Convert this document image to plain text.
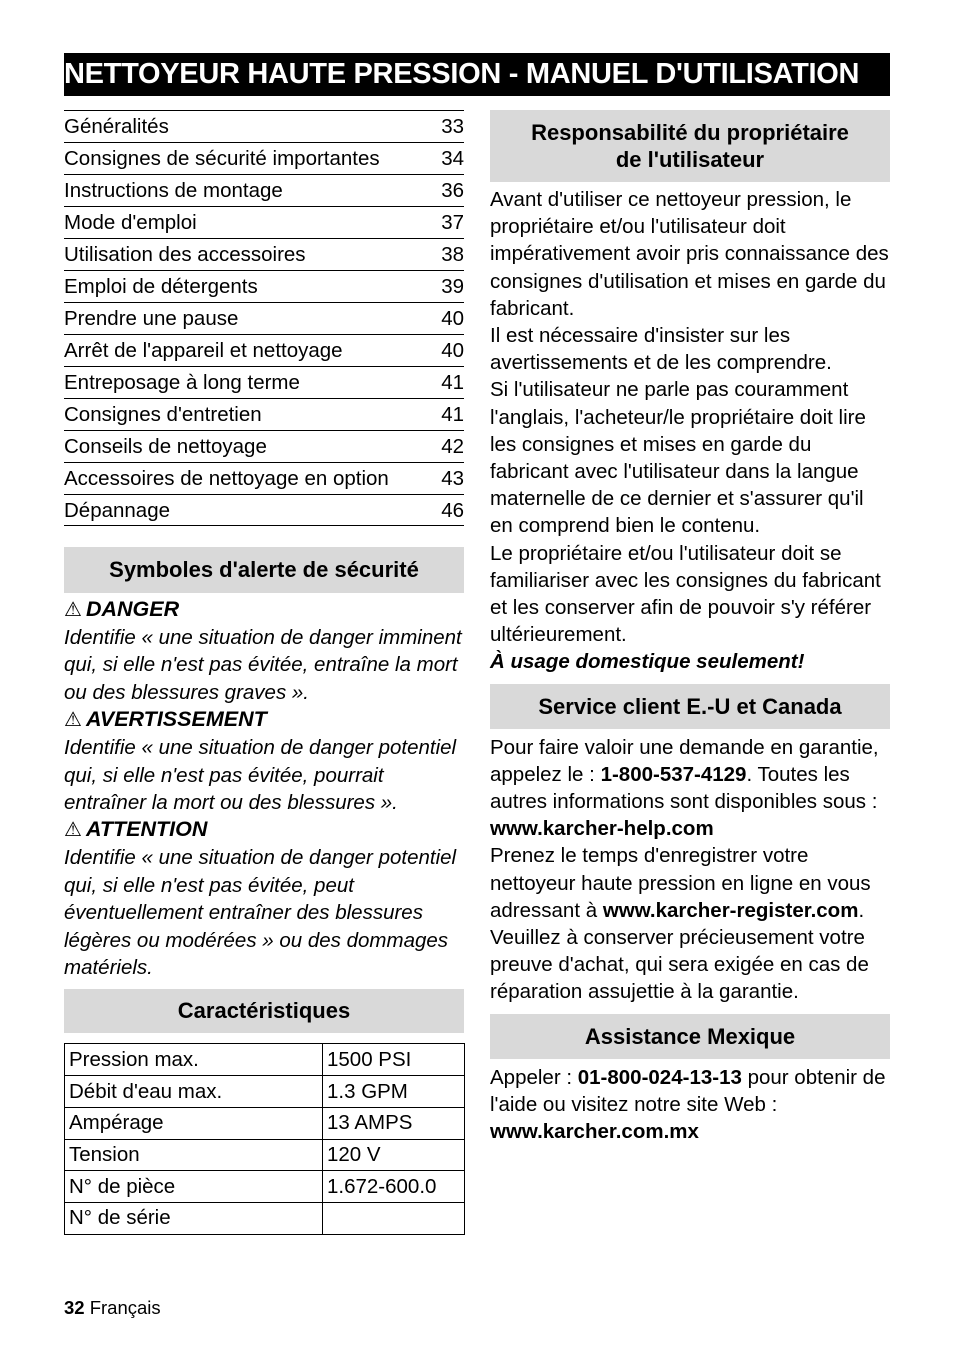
NETTOYEUR HAUTE PRESSION - MANUEL D'UTILISATION
Généralités	33
Consignes de sécurité importantes	34
Instructions de montage	36
Mode d'emploi	37
Utilisation des accessoires	38
Emploi de détergents	39
Prendre une pause	40
Arrêt de l'appareil et nettoyage	40
Entreposage à long terme	41
Consignes d'entretien	41
Conseils de nettoyage	42
Accessoires de nettoyage en option	43
Dépannage	46
Symboles d'alerte de sécurité
⚠ DANGER
Identifie « une situation de danger imminent qui, si elle n'est pas évitée, entraîne la mort ou des blessures graves ».
⚠ AVERTISSEMENT
Identifie « une situation de danger potentiel qui, si elle n'est pas évitée, pourrait entraîner la mort ou des blessures ».
⚠ ATTENTION
Identifie « une situation de danger potentiel qui, si elle n'est pas évitée, peut éventuellement entraîner des blessures légères ou modérées » ou des dommages matériels.
Caractéristiques
Pression max.	1500 PSI
Débit d'eau max.	1.3 GPM
Ampérage	13 AMPS
Tension	120 V
N° de pièce	1.672-600.0
N° de série	
Responsabilité du propriétaire
de l'utilisateur
Avant d'utiliser ce nettoyeur pression, le propriétaire et/ou l'utilisateur doit impérativement avoir pris connaissance des consignes d'utilisation et mises en garde du fabricant.
Il est nécessaire d'insister sur les avertissements et de les comprendre.
Si l'utilisateur ne parle pas couramment l'anglais, l'acheteur/le propriétaire doit lire les consignes et mises en garde du fabricant avec l'utilisateur dans la langue maternelle de ce dernier et s'assurer qu'il en comprend bien le contenu.
Le propriétaire et/ou l'utilisateur doit se familiariser avec les consignes du fabricant et les conserver afin de pouvoir s'y référer ultérieurement.
À usage domestique seulement!
Service client E.-U et Canada
Pour faire valoir une demande en garantie, appelez le : 1-800-537-4129. Toutes les autres informations sont disponibles sous : www.karcher-help.com
Prenez le temps d'enregistrer votre nettoyeur haute pression en ligne en vous adressant à www.karcher-register.com.
Veuillez à conserver précieusement votre preuve d'achat, qui sera exigée en cas de réparation assujettie à la garantie.
Assistance Mexique
Appeler : 01-800-024-13-13 pour obtenir de l'aide ou visitez notre site Web : www.karcher.com.mx
32 Français
